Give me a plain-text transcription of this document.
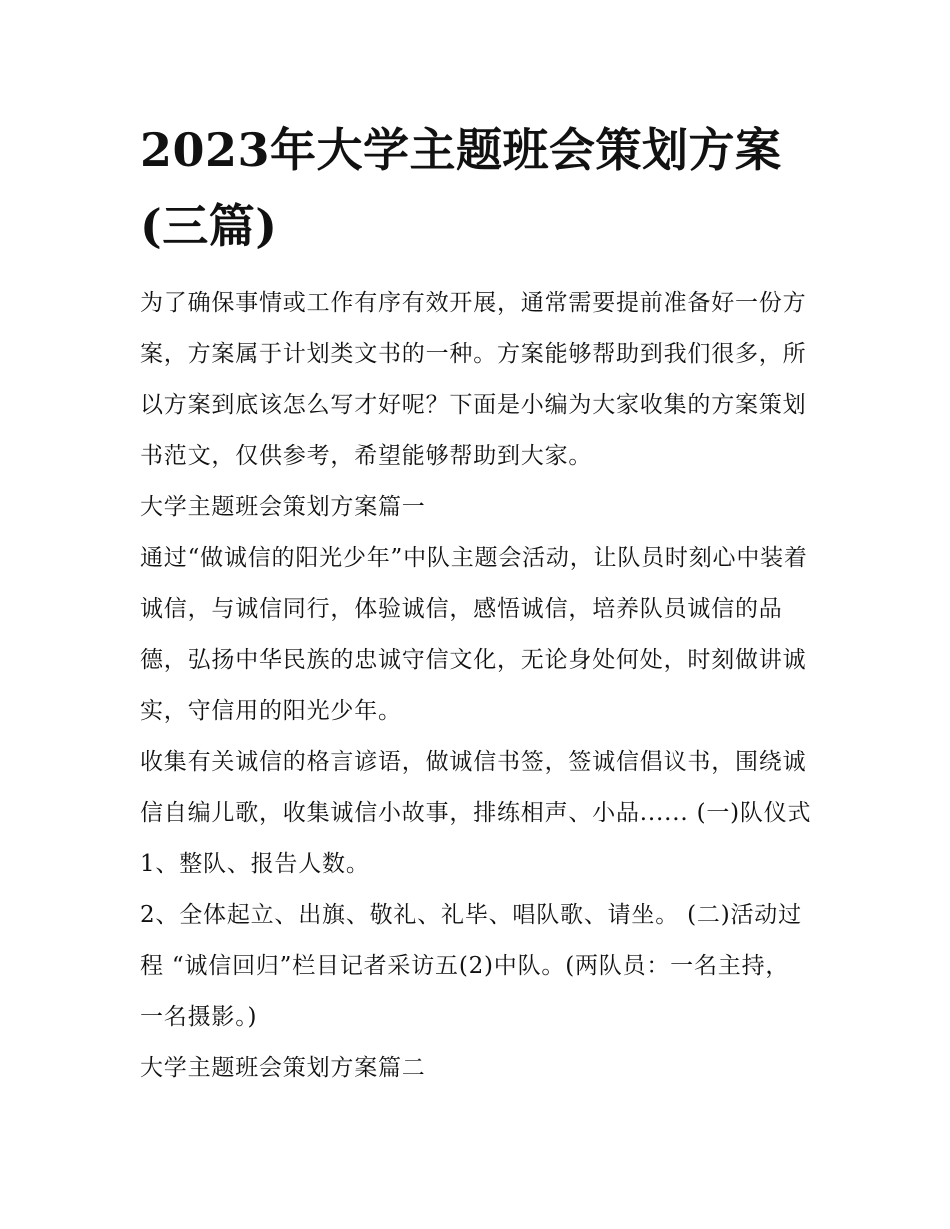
2023年大学主题班会策划方案(三篇)

为了确保事情或工作有序有效开展，通常需要提前准备好一份方案，方案属于计划类文书的一种。方案能够帮助到我们很多，所以方案到底该怎么写才好呢？下面是小编为大家收集的方案策划书范文，仅供参考，希望能够帮助到大家。

大学主题班会策划方案篇一

通过“做诚信的阳光少年”中队主题会活动，让队员时刻心中装着诚信，与诚信同行，体验诚信，感悟诚信，培养队员诚信的品德，弘扬中华民族的忠诚守信文化，无论身处何处，时刻做讲诚实，守信用的阳光少年。

收集有关诚信的格言谚语，做诚信书签，签诚信倡议书，围绕诚信自编儿歌，收集诚信小故事，排练相声、小品...... (一)队仪式 1、整队、报告人数。

2、全体起立、出旗、敬礼、礼毕、唱队歌、请坐。 (二)活动过程 “诚信回归”栏目记者采访五(2)中队。(两队员：一名主持，一名摄影。)

大学主题班会策划方案篇二
